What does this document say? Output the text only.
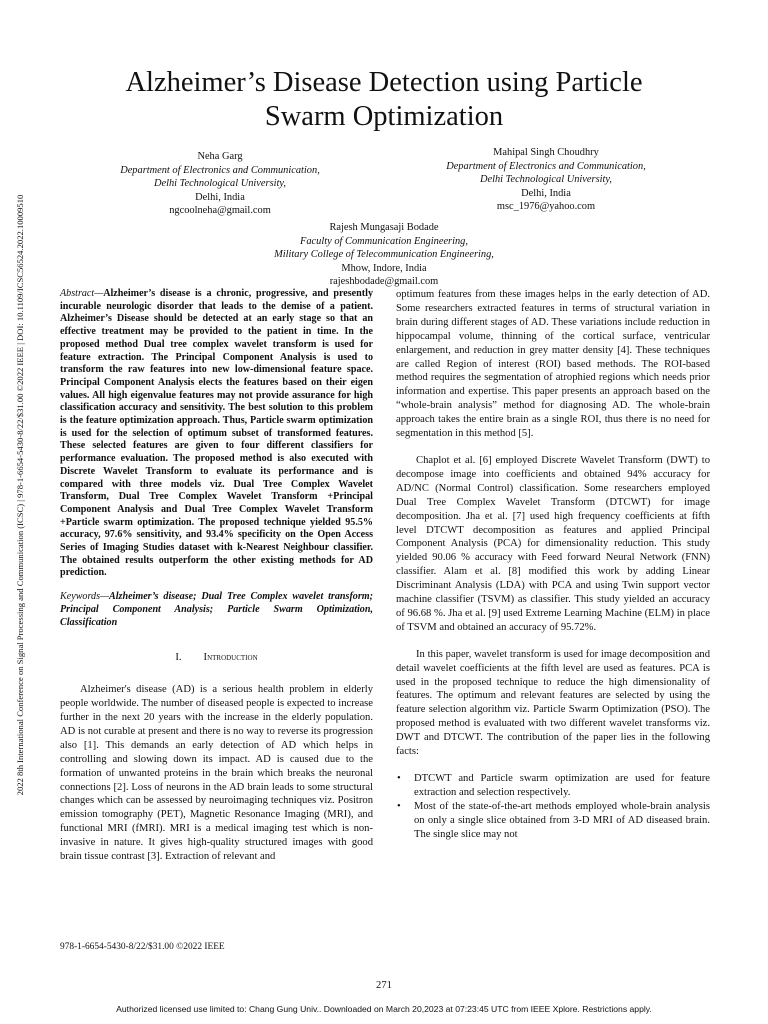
2022 8th International Conference on Signal Processing and Communication (ICSC) | 978-1-6654-5430-8/22/$31.00 ©2022 IEEE | DOI: 10.1109/ICSC56524.2022.10009510
Alzheimer’s Disease Detection using Particle
Swarm Optimization
Neha Garg
Department of Electronics and Communication,
Delhi Technological University,
Delhi, India
ngcoolneha@gmail.com
Mahipal Singh Choudhry
Department of Electronics and Communication,
Delhi Technological University,
Delhi, India
msc_1976@yahoo.com
Rajesh Mungasaji Bodade
Faculty of Communication Engineering,
Military College of Telecommunication Engineering,
Mhow, Indore, India
rajeshbodade@gmail.com

Abstract—Alzheimer’s disease is a chronic, progressive, and presently incurable neurologic disorder that leads to the demise of a patient. Alzheimer’s Disease should be detected at an early stage so that an effective treatment may be provided to the patient in time. In the proposed method Dual tree complex wavelet transform is used for feature extraction. The Principal Component Analysis is used to transform the raw features into new low-dimensional feature space. Principal Component Analysis elects the features based on their eigen values. All high eigenvalue features may not provide assurance for high classification accuracy and sensitivity. The best solution to this problem is the feature optimization approach. Thus, Particle swarm optimization is used for the selection of optimum subset of transformed features. These selected features are given to four different classifiers for performance evaluation. The proposed method is also executed with Discrete Wavelet Transform to evaluate its performance and is compared with three models viz. Dual Tree Complex Wavelet Transform, Dual Tree Complex Wavelet Transform +Principal Component Analysis and Dual Tree Complex Wavelet Transform +Particle swarm optimization. The proposed technique yielded 95.5% accuracy, 97.6% sensitivity, and 93.4% specificity on the Open Access Series of Imaging Studies dataset with k-Nearest Neighbour classifier. The obtained results outperform the other existing methods for AD prediction.

Keywords—Alzheimer’s disease; Dual Tree Complex wavelet transform; Principal Component Analysis; Particle Swarm Optimization, Classification

I. Introduction

Alzheimer's disease (AD) is a serious health problem in elderly people worldwide. The number of diseased people is expected to increase further in the next 20 years with the increase in the elderly population. AD is not curable at present and there is no way to reverse its progression also [1]. This demands an early detection of AD which helps in controlling and slowing down its impact. AD is caused due to the formation of unwanted proteins in the brain which breaks the neuronal connections [2]. Loss of neurons in the AD brain leads to some structural changes which can be assessed by neuroimaging techniques viz. Positron emission tomography (PET), Magnetic Resonance Imaging (MRI), and functional MRI (fMRI). MRI is a medical imaging test which is non-invasive in nature. It gives high-quality structured images with good brain tissue contrast [3]. Extraction of relevant and

optimum features from these images helps in the early detection of AD. Some researchers extracted features in terms of structural variation in brain during different stages of AD. These variations include reduction in hippocampal volume, thinning of the cortical surface, ventricular enlargement, and reduction in grey matter density [4]. These techniques are called Region of interest (ROI) based methods. The ROI-based method requires the segmentation of atrophied regions which needs prior information and expertise. This paper presents an approach based on the “whole-brain analysis” method for diagnosing AD. The whole-brain approach takes the entire brain as a single ROI, thus there is no need for segmentation in this method [5].

Chaplot et al. [6] employed Discrete Wavelet Transform (DWT) to decompose image into coefficients and obtained 94% accuracy for AD/NC (Normal Control) classification. Some researchers employed Dual Tree Complex Wavelet Transform (DTCWT) for image decomposition. Jha et al. [7] used high frequency coefficients at fifth level DTCWT decomposition as features and applied Principal Component Analysis (PCA) for dimensionality reduction. This study yielded 90.06 % accuracy with Feed forward Neural Network (FNN) classifier. Alam et al. [8] modified this work by adding Linear Discriminant Analysis (LDA) with PCA and using Twin support vector machine classifier (TSVM) as classifier. This study yielded an accuracy of 96.68 %. Jha et al. [9] used Extreme Learning Machine (ELM) in place of TSVM and obtained an accuracy of 95.72%.

In this paper, wavelet transform is used for image decomposition and detail wavelet coefficients at the fifth level are used as features. PCA is used in the proposed technique to reduce the high dimensionality of features. The optimum and relevant features are selected by using the feature selection algorithm viz. Particle Swarm Optimization (PSO). The proposed method is evaluated with two different wavelet transforms viz. DWT and DTCWT. The contribution of the paper lies in the following facts:

• DTCWT and Particle swarm optimization are used for feature extraction and selection respectively.
• Most of the state-of-the-art methods employed whole-brain analysis on only a single slice obtained from 3-D MRI of AD diseased brain. The single slice may not
978-1-6654-5430-8/22/$31.00 ©2022 IEEE
271
Authorized licensed use limited to: Chang Gung Univ.. Downloaded on March 20,2023 at 07:23:45 UTC from IEEE Xplore. Restrictions apply.
